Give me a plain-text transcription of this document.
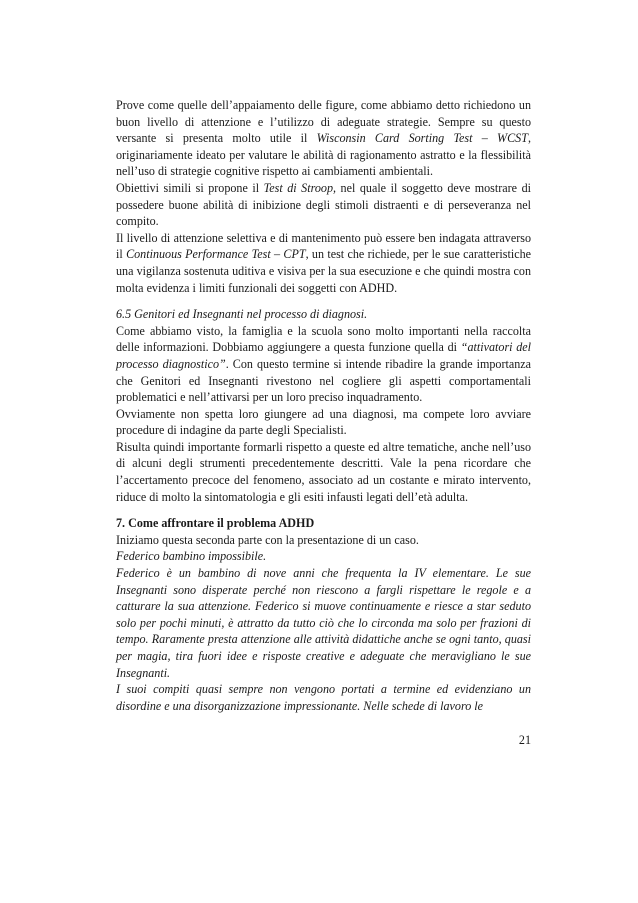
Prove come quelle dell’appaiamento delle figure, come abbiamo detto richiedono un buon livello di attenzione e l’utilizzo di adeguate strategie. Sempre su questo versante si presenta molto utile il Wisconsin Card Sorting Test – WCST, originariamente ideato per valutare le abilità di ragionamento astratto e la flessibilità nell’uso di strategie cognitive rispetto ai cambiamenti ambientali.

Obiettivi simili si propone il Test di Stroop, nel quale il soggetto deve mostrare di possedere buone abilità di inibizione degli stimoli distraenti e di perseveranza nel compito.

Il livello di attenzione selettiva e di mantenimento può essere ben indagata attraverso il Continuous Performance Test – CPT, un test che richiede, per le sue caratteristiche una vigilanza sostenuta uditiva e visiva per la sua esecuzione e che quindi mostra con molta evidenza i limiti funzionali dei soggetti con ADHD.

6.5 Genitori ed Insegnanti nel processo di diagnosi.

Come abbiamo visto, la famiglia e la scuola sono molto importanti nella raccolta delle informazioni. Dobbiamo aggiungere a questa funzione quella di “attivatori del processo diagnostico”. Con questo termine si intende ribadire la grande importanza che Genitori ed Insegnanti rivestono nel cogliere gli aspetti comportamentali problematici e nell’attivarsi per un loro preciso inquadramento.

Ovviamente non spetta loro giungere ad una diagnosi, ma compete loro avviare procedure di indagine da parte degli Specialisti.

Risulta quindi importante formarli rispetto a queste ed altre tematiche, anche nell’uso di alcuni degli strumenti precedentemente descritti. Vale la pena ricordare che l’accertamento precoce del fenomeno, associato ad un costante e mirato intervento, riduce di molto la sintomatologia e gli esiti infausti legati dell’età adulta.

7. Come affrontare il problema ADHD

Iniziamo questa seconda parte con la presentazione di un caso.

Federico bambino impossibile.

Federico è un bambino di nove anni che frequenta la IV elementare. Le sue Insegnanti sono disperate perché non riescono a fargli rispettare le regole e a catturare la sua attenzione. Federico si muove continuamente e riesce a star seduto solo per pochi minuti, è attratto da tutto ciò che lo circonda ma solo per frazioni di tempo. Raramente presta attenzione alle attività didattiche anche se ogni tanto, quasi per magia, tira fuori idee e risposte creative e adeguate che meravigliano le sue Insegnanti.

I suoi compiti quasi sempre non vengono portati a termine ed evidenziano un disordine e una disorganizzazione impressionante. Nelle schede di lavoro le

21
